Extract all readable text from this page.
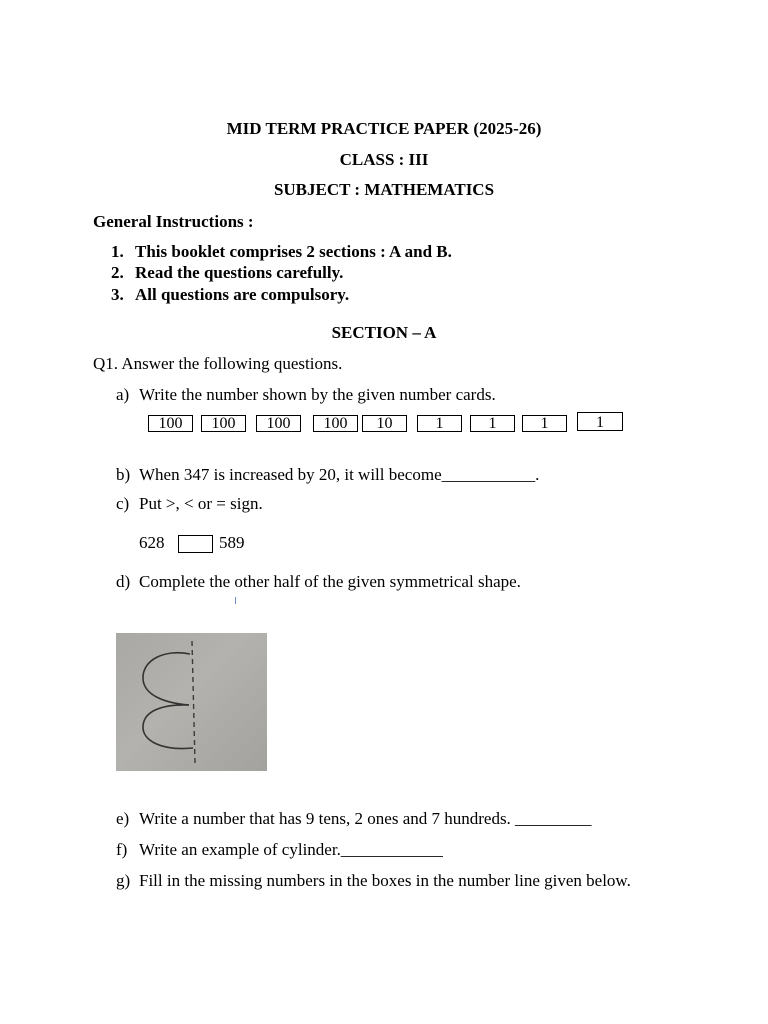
MID TERM PRACTICE PAPER (2025-26)
CLASS : III
SUBJECT : MATHEMATICS
General Instructions :
1. This booklet comprises 2 sections : A and B.
2. Read the questions carefully.
3. All questions are compulsory.
SECTION – A
Q1. Answer the following questions.
a) Write the number shown by the given number cards.
100	100	100	100	10	1	1	1	1
b) When 347 is increased by 20, it will become___________.
c) Put >, < or = sign.
628	589
d) Complete the other half of the given symmetrical shape.
e) Write a number that has 9 tens, 2 ones and 7 hundreds. _________
f) Write an example of cylinder.____________
g) Fill in the missing numbers in the boxes in the number line given below.
